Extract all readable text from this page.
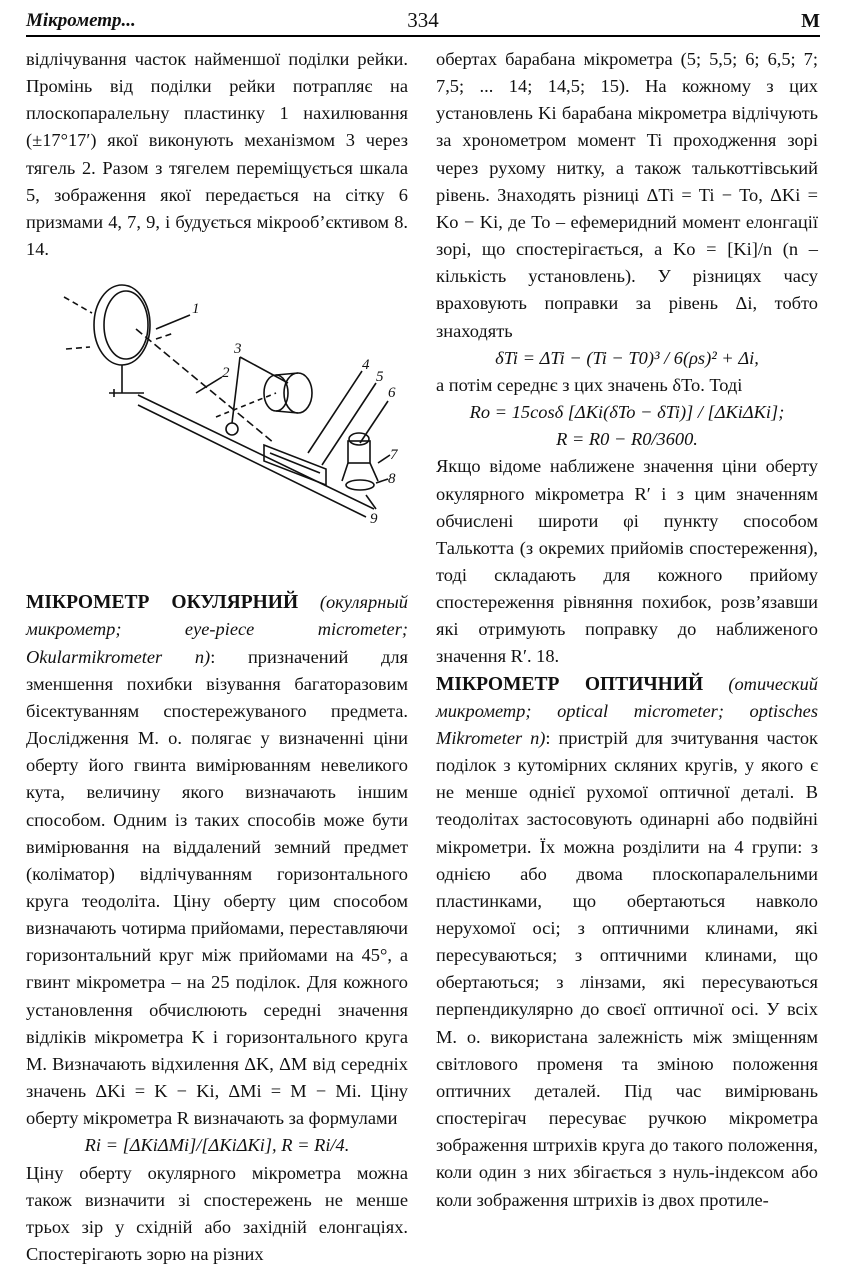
Мікрометр...	334	М

відлічування часток найменшої поділки рейки. Промінь від поділки рейки потрапляє на плоскопаралельну пластинку 1 нахилювання (±17°17′) якої виконують механізмом 3 через тягель 2. Разом з тягелем переміщується шкала 5, зображення якої передається на сітку 6 призмами 4, 7, 9, і будується мікрооб’єктивом 8. 14.

1
2
3
4
5
6
7
8
9

МІКРОМЕТР ОКУЛЯРНИЙ (окулярный микрометр; eye-piece micrometer; Okularmikrometer n): призначений для зменшення похибки візування багаторазовим бісектуванням спостережуваного предмета. Дослідження М. о. полягає у визначенні ціни оберту його гвинта вимірюванням невеликого кута, величину якого визначають іншим способом. Одним із таких способів може бути вимірювання на віддалений земний предмет (коліматор) відлічуванням горизонтального круга теодоліта. Ціну оберту цим способом визначають чотирма прийомами, переставляючи горизонтальний круг між прийомами на 45°, а гвинт мікрометра – на 25 поділок. Для кожного установлення обчислюють середні значення відліків мікрометра K і горизонтального круга M. Визначають відхилення ΔK, ΔM від середніх значень ΔKi = K − Ki, ΔMi = M − Mi. Ціну оберту мікрометра R визначають за формулами

Ri = [ΔKiΔMi]/[ΔKiΔKi], R = Ri/4.

Ціну оберту окулярного мікрометра можна також визначити зі спостережень не менше трьох зір у східній або західній елонгаціях. Спостерігають зорю на різних

обертах барабана мікрометра (5; 5,5; 6; 6,5; 7; 7,5; ... 14; 14,5; 15). На кожному з цих установлень Ki барабана мікрометра відлічують за хронометром момент Ti проходження зорі через рухому нитку, а також талькоттівський рівень. Знаходять різниці ΔTi = Ti − To, ΔKi = Ko − Ki, де To – ефемеридний момент елонгації зорі, що спостерігається, а Ko = [Ki]/n (n – кількість установлень). У різницях часу враховують поправки за рівень Δi, тобто знаходять

δTi = ΔTi − (Ti − T0)³ / 6(ρs)² + Δi,

а потім середнє з цих значень δTo. Тоді

Ro = 15cosδ [ΔKi(δTo − δTi)] / [ΔKiΔKi];

R = R0 − R0/3600.

Якщо відоме наближене значення ціни оберту окулярного мікрометра R′ і з цим значенням обчислені широти φi пункту способом Талькотта (з окремих прийомів спостереження), тоді складають для кожного прийому спостереження рівняння похибок, розв’язавши які отримують поправку до наближеного значення R′. 18.

МІКРОМЕТР ОПТИЧНИЙ (отический микрометр; optical micrometer; optisches Mikrometer n): пристрій для зчитування часток поділок з кутомірних скляних кругів, у якого є не менше однієї рухомої оптичної деталі. В теодолітах застосовують одинарні або подвійні мікрометри. Їх можна розділити на 4 групи: з однією або двома плоскопаралельними пластинками, що обертаються навколо нерухомої осі; з оптичними клинами, які пересуваються; з оптичними клинами, що обертаються; з лінзами, які пересуваються перпендикулярно до своєї оптичної осі. У всіх М. о. використана залежність між зміщенням світлового променя та зміною положення оптичних деталей. Під час вимірювань спостерігач пересуває ручкою мікрометра зображення штрихів круга до такого положення, коли один з них збігається з нуль-індексом або коли зображення штрихів із двох протиле-
